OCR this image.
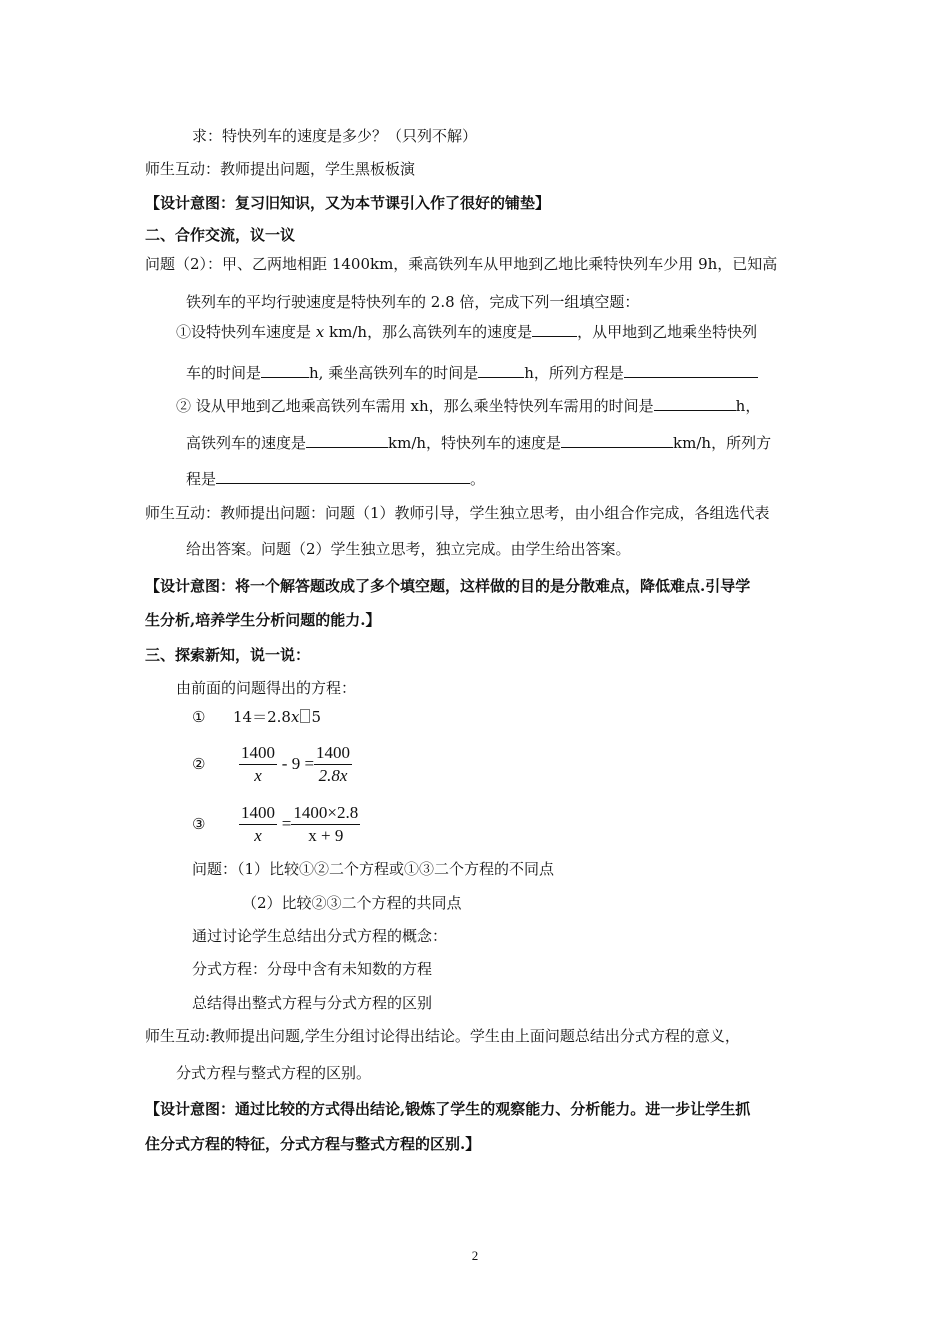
求：特快列车的速度是多少？（只列不解）
师生互动：教师提出问题，学生黑板板演
【设计意图：复习旧知识，又为本节课引入作了很好的铺垫】
二、合作交流，议一议
问题（2）：甲、乙两地相距 1400km，乘高铁列车从甲地到乙地比乘特快列车少用 9h，已知高
铁列车的平均行驶速度是特快列车的 2.8 倍，完成下列一组填空题：
①设特快列车速度是 x km/h，那么高铁列车的速度是	，从甲地到乙地乘坐特快列
车的时间是	h, 乘坐高铁列车的时间是	h，所列方程是
② 设从甲地到乙地乘高铁列车需用 xh，那么乘坐特快列车需用的时间是	h，
高铁列车的速度是	km/h，特快列车的速度是	km/h，所列方
程是	。
师生互动：教师提出问题：问题（1）教师引导，学生独立思考，由小组合作完成，各组选代表
给出答案。问题（2）学生独立思考，独立完成。由学生给出答案。
【设计意图：将一个解答题改成了多个填空题，这样做的目的是分散难点，降低难点.引导学
生分析,培养学生分析问题的能力.】
三、探索新知，说一说：
由前面的问题得出的方程：
① 14＝2.8x 5
② $\frac{1400}{x} - 9 = \frac{1400}{2.8x}$
③ $\frac{1400}{x} = \frac{1400\times 2.8}{x + 9}$
问题：（1）比较①②二个方程或①③二个方程的不同点
（2）比较②③二个方程的共同点
通过讨论学生总结出分式方程的概念：
分式方程：分母中含有未知数的方程
总结得出整式方程与分式方程的区别
师生互动:教师提出问题,学生分组讨论得出结论。学生由上面问题总结出分式方程的意义，
分式方程与整式方程的区别。
【设计意图：通过比较的方式得出结论,锻炼了学生的观察能力、分析能力。进一步让学生抓
住分式方程的特征，分式方程与整式方程的区别.】
2
